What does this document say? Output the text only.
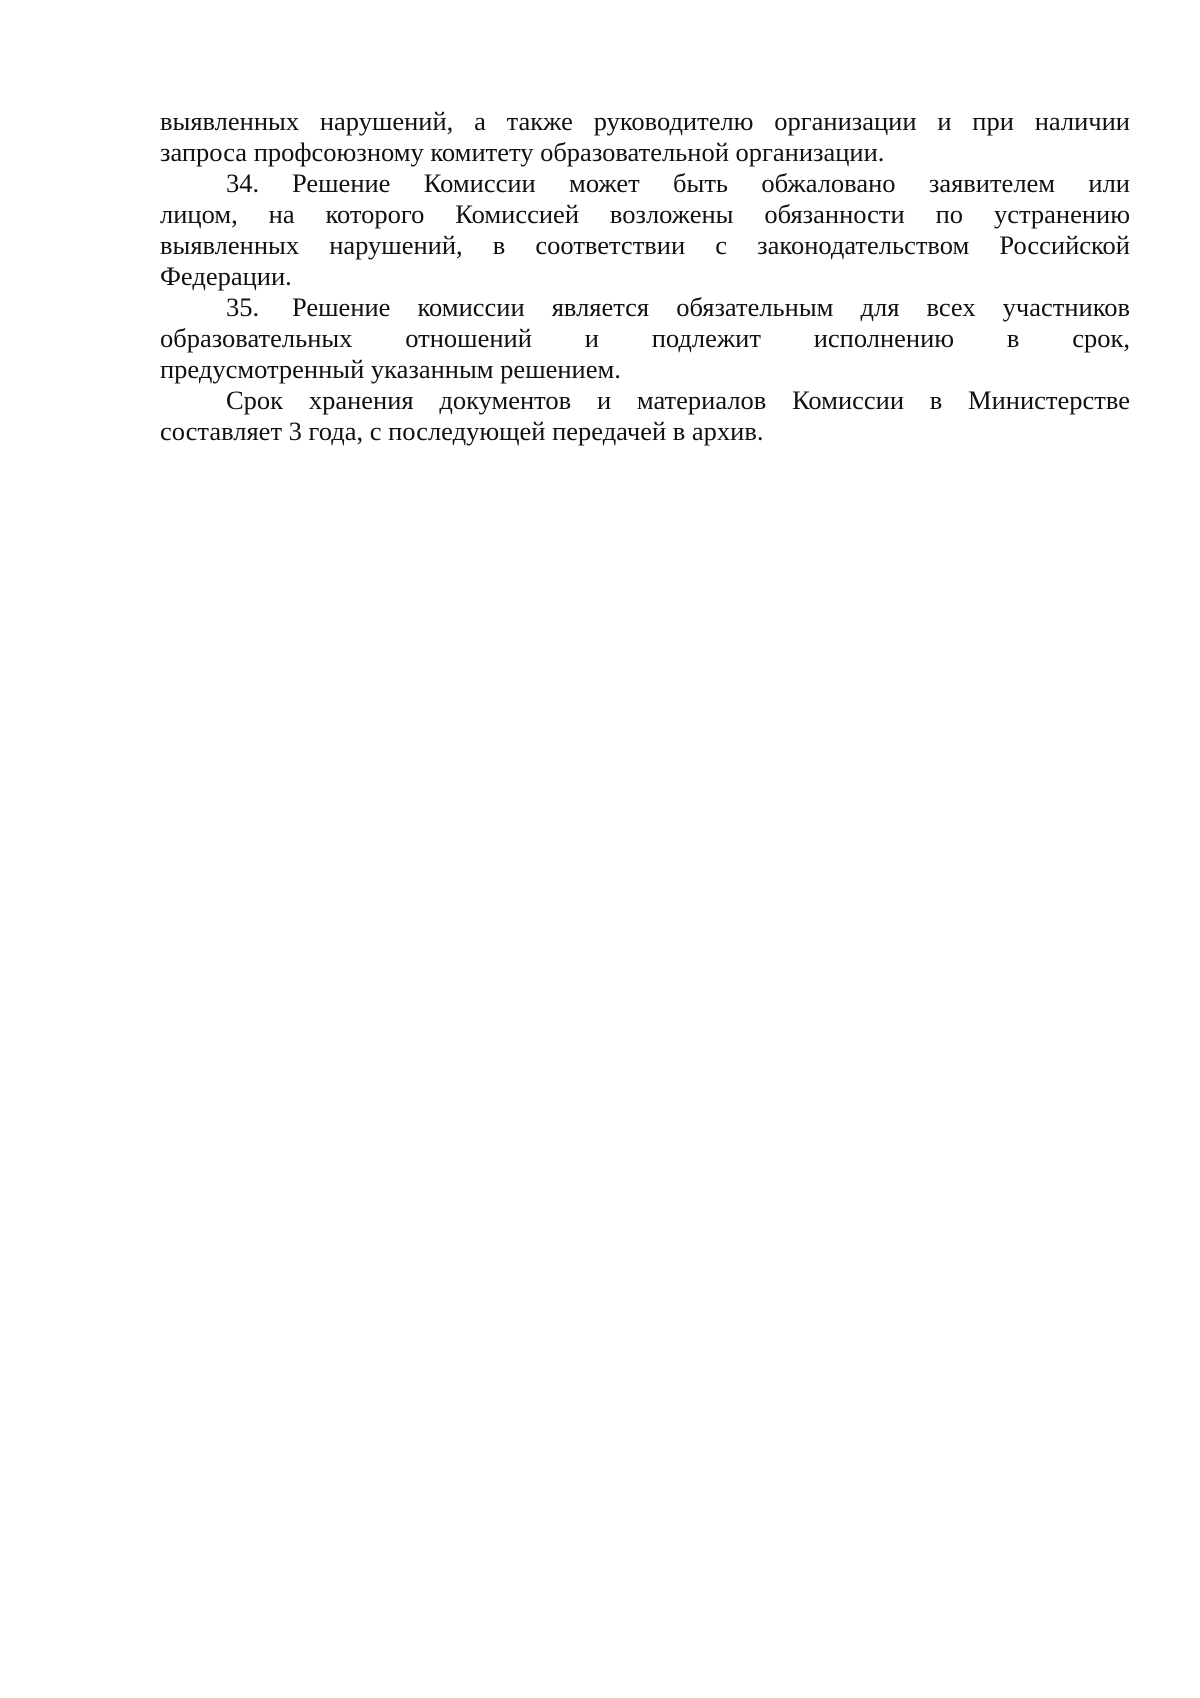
выявленных нарушений, а также руководителю организации и при наличии
запроса профсоюзному комитету образовательной организации.
34. Решение Комиссии может быть обжаловано заявителем или
лицом, на которого Комиссией возложены обязанности по устранению
выявленных нарушений, в соответствии с законодательством Российской
Федерации.
35. Решение комиссии является обязательным для всех участников
образовательных отношений и подлежит исполнению в срок,
предусмотренный указанным решением.
Срок хранения документов и материалов Комиссии в Министерстве
составляет 3 года, с последующей передачей в архив.
